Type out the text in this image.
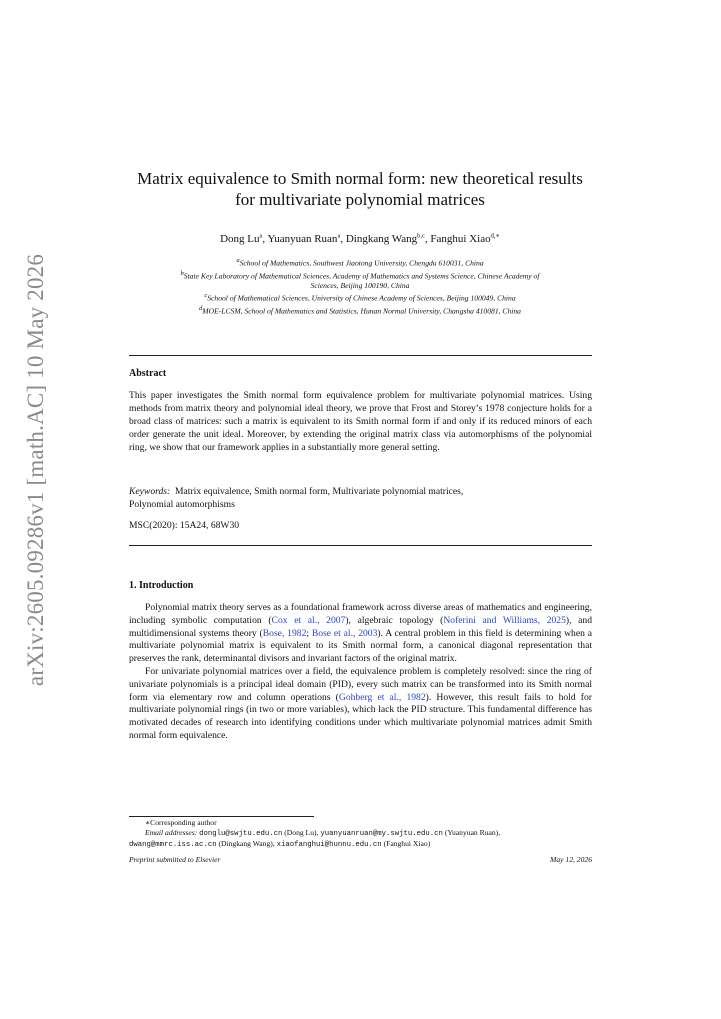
arXiv:2605.09286v1 [math.AC] 10 May 2026
Matrix equivalence to Smith normal form: new theoretical results
for multivariate polynomial matrices
Dong Lu$^a$, Yuanyuan Ruan$^a$, Dingkang Wang$^{b,c}$, Fanghui Xiao$^{d,∗}$
$^a$School of Mathematics, Southwest Jiaotong University, Chengdu 610031, China
$^b$State Key Laboratory of Mathematical Sciences, Academy of Mathematics and Systems Science, Chinese Academy of
Sciences, Beijing 100190, China
$^c$School of Mathematical Sciences, University of Chinese Academy of Sciences, Beijing 100049, China
$^d$MOE-LCSM, School of Mathematics and Statistics, Hunan Normal University, Changsha 410081, China
Abstract
This paper investigates the Smith normal form equivalence problem for multivariate polynomial matrices. Using methods from matrix theory and polynomial ideal theory, we prove that Frost and Storey’s 1978 conjecture holds for a broad class of matrices: such a matrix is equivalent to its Smith normal form if and only if its reduced minors of each order generate the unit ideal. Moreover, by extending the original matrix class via automorphisms of the polynomial ring, we show that our framework applies in a substantially more general setting.
Keywords: Matrix equivalence, Smith normal form, Multivariate polynomial matrices,
Polynomial automorphisms
MSC(2020): 15A24, 68W30
1. Introduction

Polynomial matrix theory serves as a foundational framework across diverse areas of mathematics and engineering, including symbolic computation (Cox et al., 2007), algebraic topology (Noferini and Williams, 2025), and multidimensional systems theory (Bose, 1982; Bose et al., 2003). A central problem in this field is determining when a multivariate polynomial matrix is equivalent to its Smith normal form, a canonical diagonal representation that preserves the rank, determinantal divisors and invariant factors of the original matrix.

For univariate polynomial matrices over a field, the equivalence problem is completely resolved: since the ring of univariate polynomials is a principal ideal domain (PID), every such matrix can be transformed into its Smith normal form via elementary row and column operations (Gohberg et al., 1982). However, this result fails to hold for multivariate polynomial rings (in two or more variables), which lack the PID structure. This fundamental difference has motivated decades of research into identifying conditions under which multivariate polynomial matrices admit Smith normal form equivalence.

∗Corresponding author
Email addresses: donglu@swjtu.edu.cn (Dong Lu), yuanyuanruan@my.swjtu.edu.cn (Yuanyuan Ruan),
dwang@mmrc.iss.ac.cn (Dingkang Wang), xiaofanghui@hunnu.edu.cn (Fanghui Xiao)
Preprint submitted to Elsevier	May 12, 2026
